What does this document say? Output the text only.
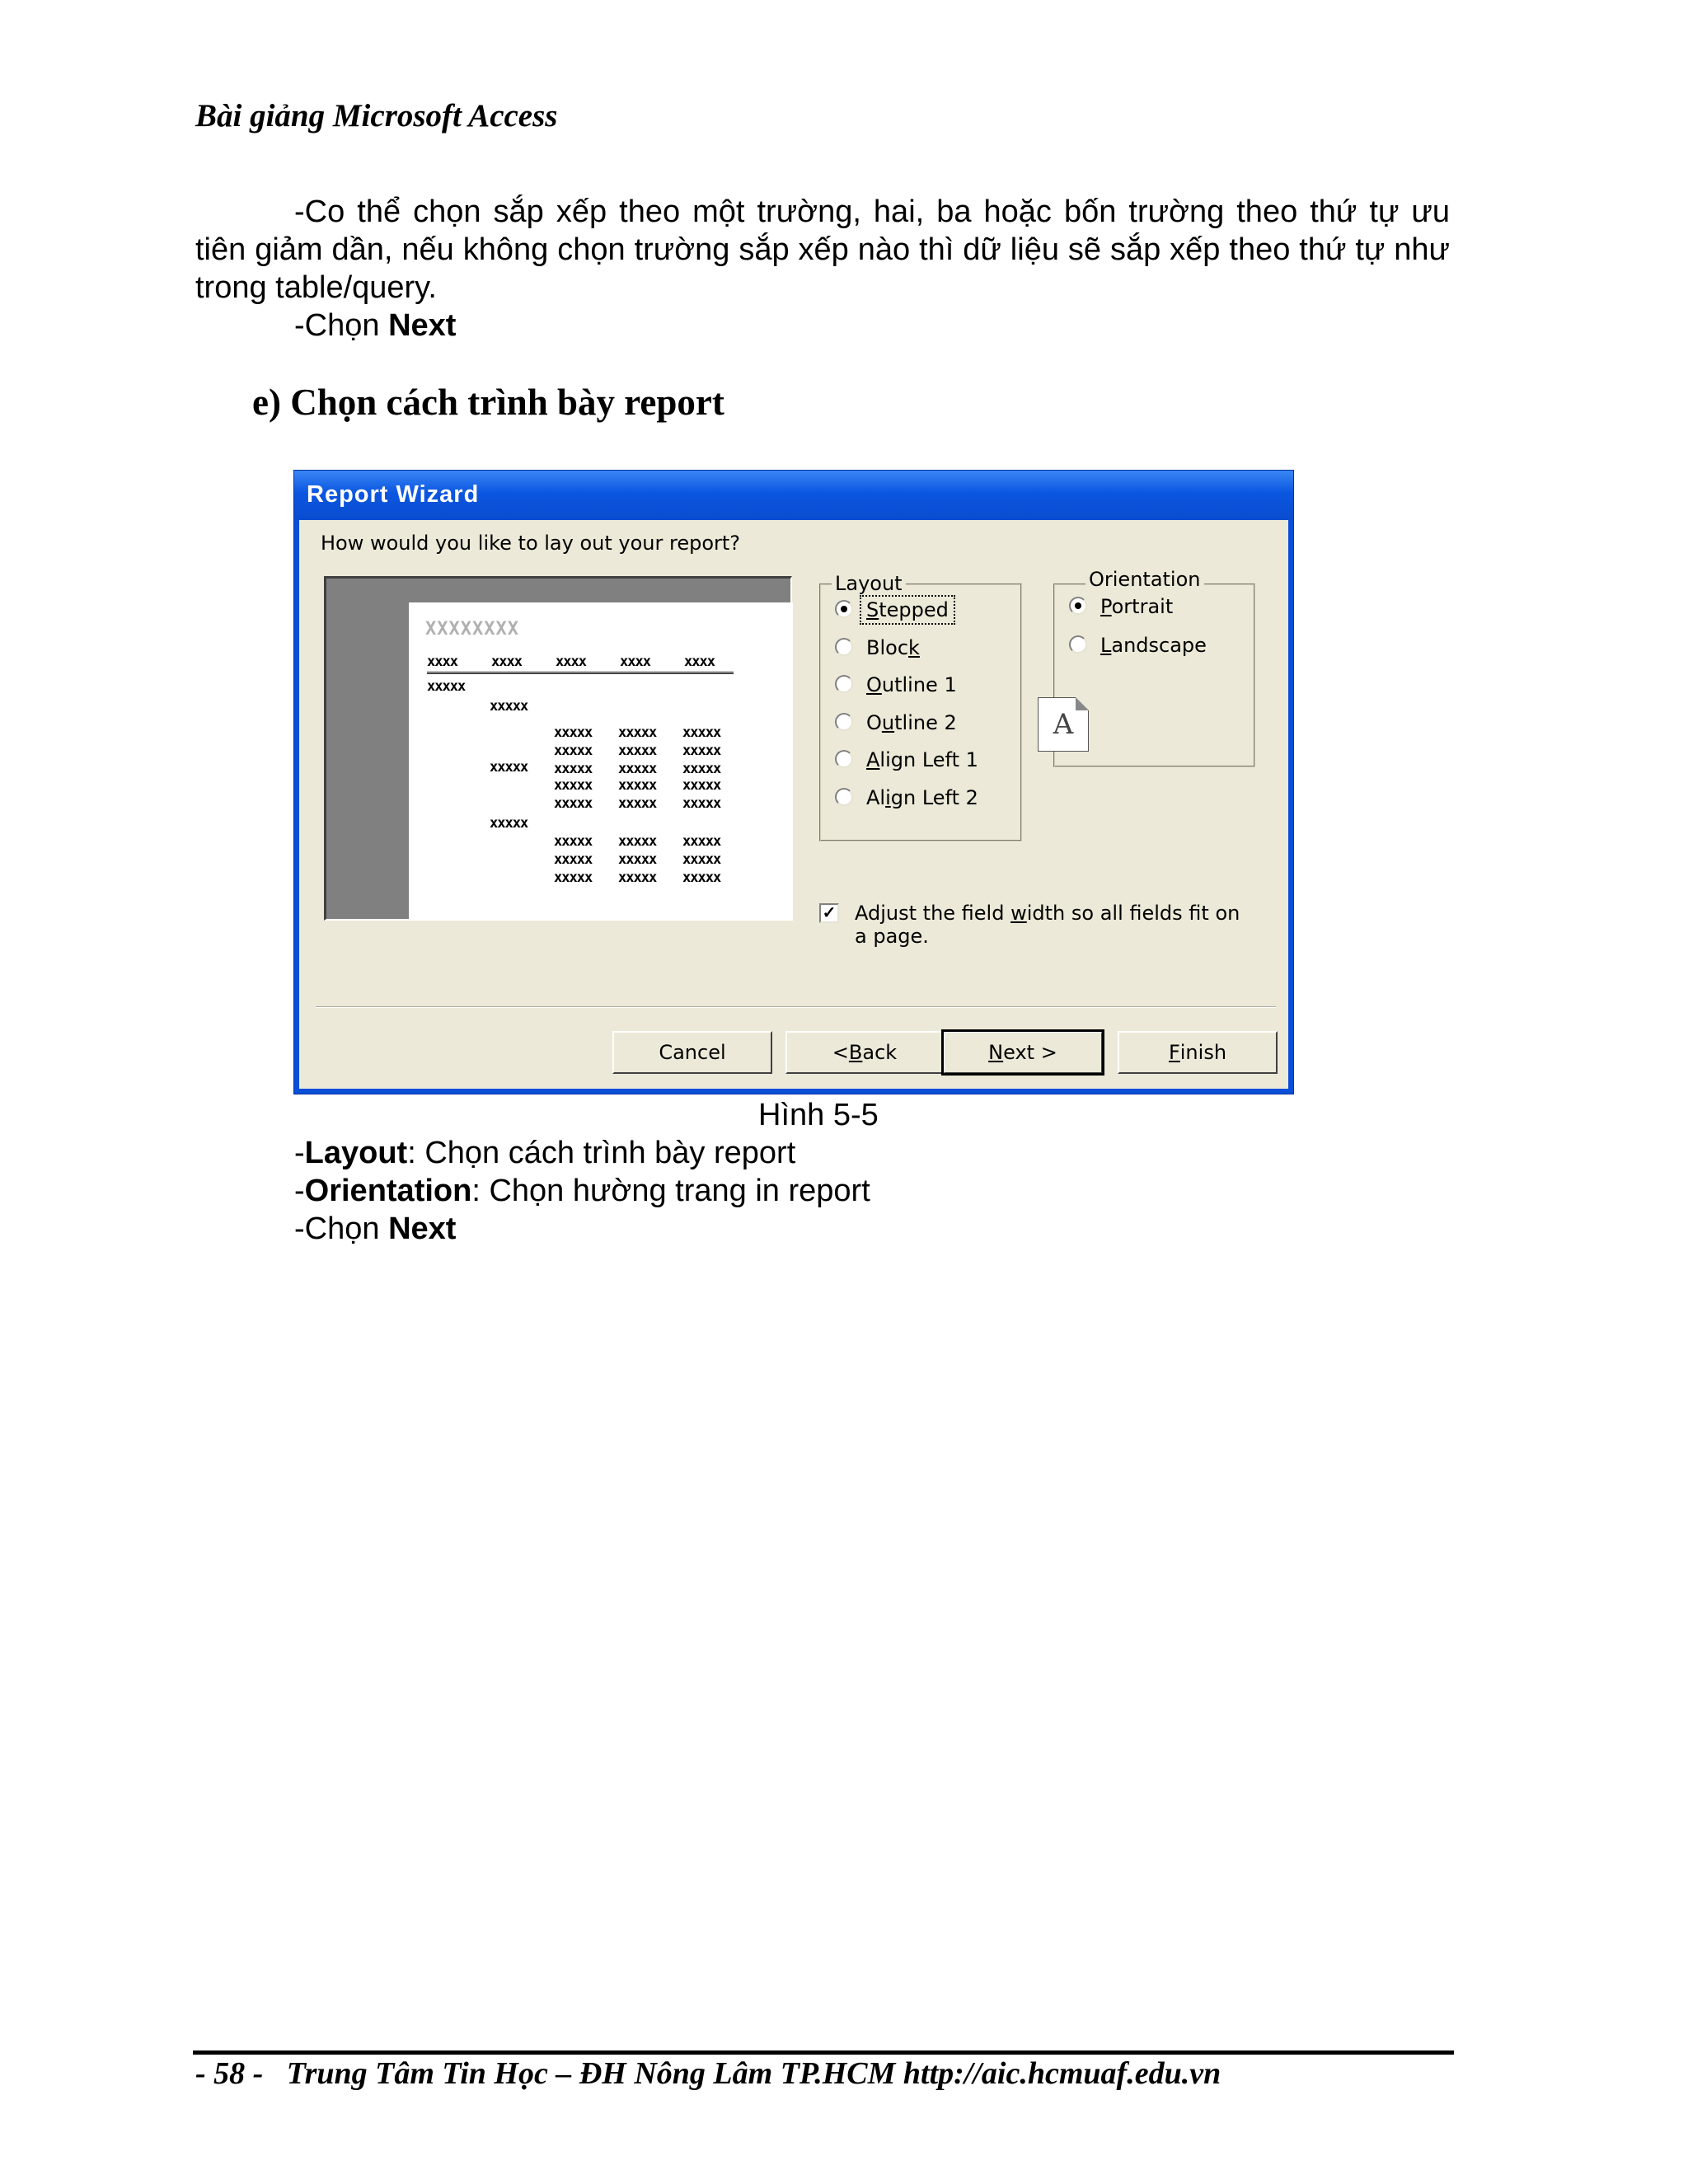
Bài giảng Microsoft Access
-Co thể chọn sắp xếp theo một trường, hai, ba hoặc bốn trường theo thứ tự ưu tiên giảm dần, nếu không chọn trường sắp xếp nào thì dữ liệu sẽ sắp xếp theo thứ tự như trong table/query.
-Chọn Next
e) Chọn cách trình bày report
Report Wizard
How would you like to lay out your report?
XXXXXXXX
xxxx xxxx xxxx xxxx xxxx
xxxxx
xxxxx
xxxxx xxxxx xxxxx
xxxxx xxxxx xxxxx
xxxxx xxxxx xxxxx
xxxxx
xxxxx xxxxx xxxxx
xxxxx xxxxx xxxxx
xxxxx
xxxxx xxxxx xxxxx
xxxxx xxxxx xxxxx
xxxxx xxxxx xxxxx
Layout
Stepped
Block
Outline 1
Outline 2
Align Left 1
Align Left 2
Orientation
Portrait
Landscape
A
✓ Adjust the field width so all fields fit on
a page.
Cancel	< B ack	N ext >	F inish
Hình 5-5
-Layout: Chọn cách trình bày report
-Orientation: Chọn hường trang in report
-Chọn Next
- 58 -   Trung Tâm Tin Học – ĐH Nông Lâm TP.HCM http://aic.hcmuaf.edu.vn
